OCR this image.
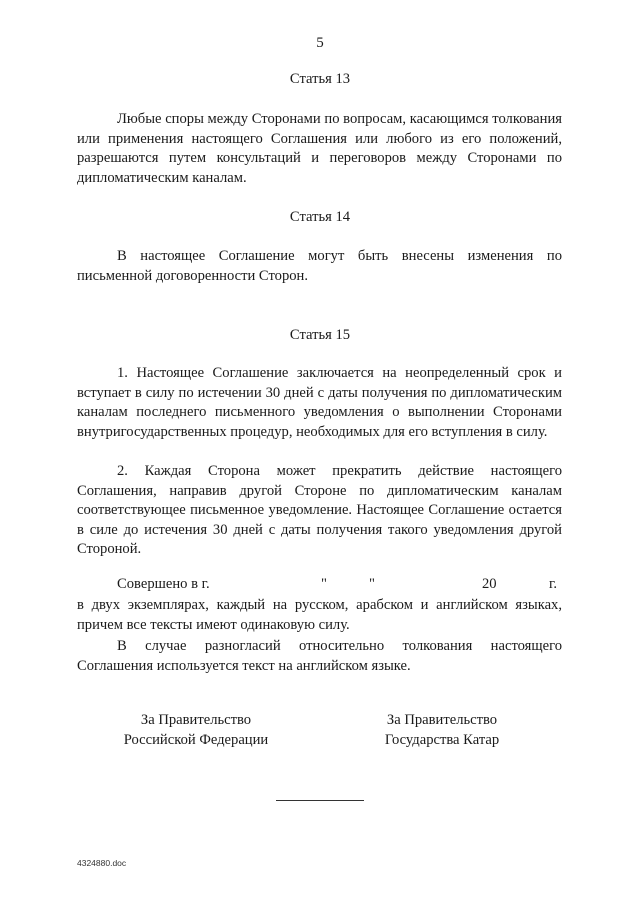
5
Статья 13
Любые споры между Сторонами по вопросам, касающимся толкования или применения настоящего Соглашения или любого из его положений, разрешаются путем консультаций и переговоров между Сторонами по дипломатическим каналам.
Статья 14
В настоящее Соглашение могут быть внесены изменения по письменной договоренности Сторон.
Статья 15
1. Настоящее Соглашение заключается на неопределенный срок и вступает в силу по истечении 30 дней с даты получения по дипломатическим каналам последнего письменного уведомления о выполнении Сторонами внутригосударственных процедур, необходимых для его вступления в силу.
2. Каждая Сторона может прекратить действие настоящего Соглашения, направив другой Стороне по дипломатическим каналам соответствующее письменное уведомление. Настоящее Соглашение остается в силе до истечения 30 дней с даты получения такого уведомления другой Стороной.
Совершено в г.	"	"	20	г.
в двух экземплярах, каждый на русском, арабском и английском языках, причем все тексты имеют одинаковую силу.
В случае разногласий относительно толкования настоящего Соглашения используется текст на английском языке.
За Правительство
Российской Федерации
За Правительство
Государства Катар
4324880.doc
